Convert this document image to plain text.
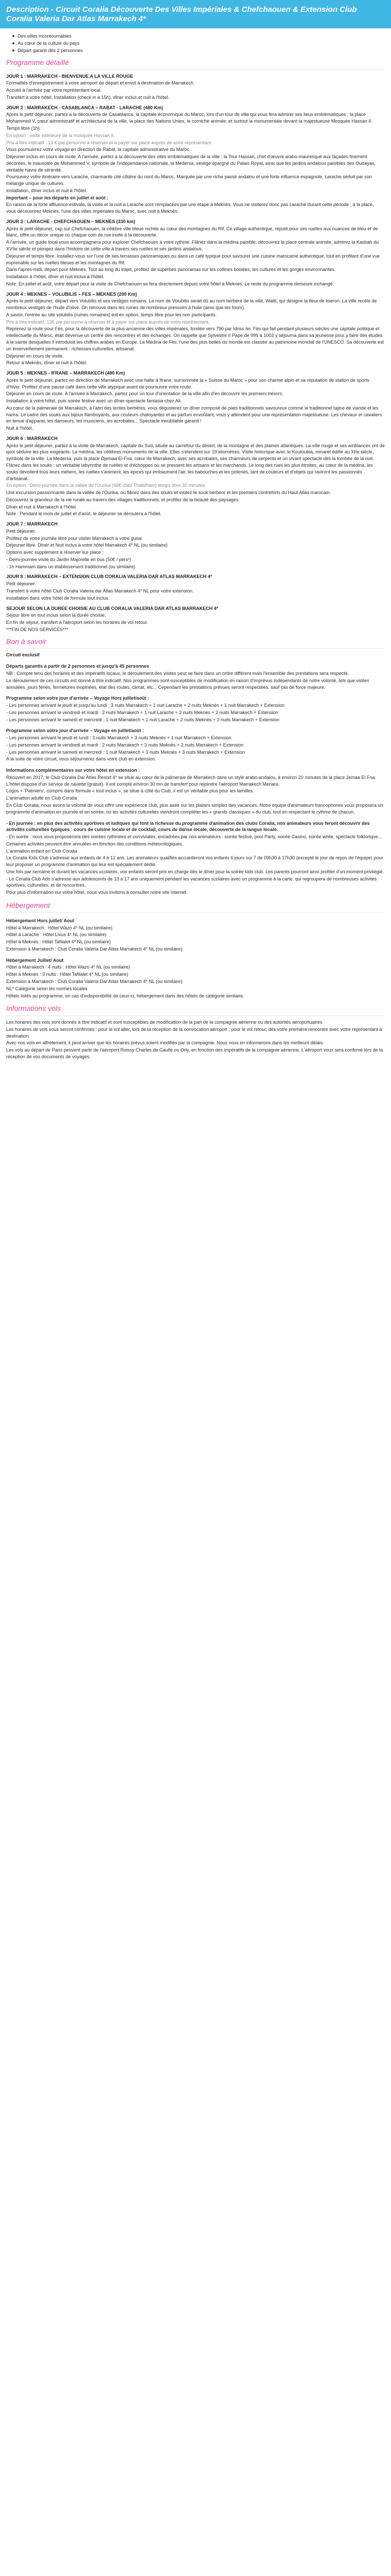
Description - Circuit Coralia Découverte Des Villes Impériales & Chefchaouen & Extension Club Coralia Valeria Dar Atlas Marrakech 4*
Des villes incontournables
Au cœur de la culture du pays
Départ garanti dès 2 personnes
Programme détaillé
JOUR 1 : MARRAKECH - BIENVENUE A LA VILLE ROUGE
Formalités d'enregistrement à votre aéroport de départ et envol à destination de Marrakech.
Accueil à l'arrivée par votre représentant local.
Transfert à votre hôtel. Installation (check in à 15h), dîner inclus et nuit à l'hôtel.
JOUR 2 : MARRAKECH - CASABLANCA – RABAT - LARACHE (480 Km)
Après le petit déjeuner, partez à la découverte de Casablanca, la capitale économique du Maroc, lors d'un tour de ville qui vous fera admirer ses lieux emblématiques : la place Mohammed V, cœur administratif et architectural de la ville, la place des Nations Unies, le corniche animée, et surtout la monumentale devant la majestueuse Mosquée Hassan II.
Temps libre (1h).
En option : visite intérieure de la mosquée Hassan II.
Prix à titre indicatif : 13 € par personne à réserver et à payer sur place auprès de votre représentant.
Vous poursuivrez votre voyage en direction de Rabat, la capitale administrative du Maroc.
Déjeuner inclus en cours de route. A l'arrivée, partez à la découverte des sites emblématiques de la ville : la Tour Hassan, chef d'œuvre arabo-mauresque aux façades finement décorées, le mausolée de Mohammed V, symbole de l'indépendance nationale, la Médersa, vestige épargné du Palais Royal, ainsi que les jardins andalous paisibles des Oudayas, véritable havre de sérénité.
Poursuivez votre itinéraire vers Larache, charmante cité côtière du nord du Maroc. Marquée par une riche passé andalou et une forte influence espagnole, Larache séduit par son mélange unique de cultures.
Installation, dîner inclus et nuit à l'hôtel.
Important – pour les départs en juillet et août :
En raison de la forte affluence estivale, la visite et la nuit à Larache sont remplacées par une étape à Meknès. Vous ne visiterez donc pas Larache durant cette période ; à la place, vous découvrirez Meknès, l'une des villes impériales du Maroc, avec nuit à Meknès.
JOUR 3 : LARACHE - CHEFCHAOUEN – MEKNES (330 km)
Après le petit déjeuner, cap sur Chefchaouen, la célèbre ville bleue nichée au cœur des montagnes du Rif. Ce village authentique, réputé pour ses ruelles aux nuances de bleu et de blanc, offre un décor unique où chaque coin de rue invite à la découverte.
A l'arrivée, un guide local vous accompagnera pour explorer Chefchaouen à votre rythme. Flânez dans la médina paisible, découvrez la place centrale animée, admirez la Kasbah du XVIIe siècle et plongez dans l'histoire de cette ville à travers ses ruelles et ses jardins andalous.
Déjeuner et temps libre. Installez-vous sur l'une de ses terrasses panoramiques ou dans un café typique pour savourer une cuisine marocaine authentique, tout en profitant d'une vue imprenable sur les ruelles bleues et les montagnes du Rif.
Dans l'après-midi, départ pour Meknès. Tout au long du trajet, profitez de superbes panoramas sur les collines boisées, les cultures et les gorges environnantes.
Installation à l'hôtel, dîner et nuit inclus à l'hôtel.
Note: En juillet et août, votre départ pour la visite de Chefchaouen se fera directement depuis votre hôtel à Meknès. Le reste du programme demeure inchangé.
JOUR 4 : MEKNES – VOLUBILIS – FES – MEKNES (200 Km)
Après le petit déjeuner, départ vers Volubilis et ses vestiges romains. Le nom de Volubilis serait dû au nom berbère de la ville, Walili, qui désigne la fleur de liseron. La ville recèle de nombreux vestiges de l'huile d'olive. On retrouve dans les ruines de nombreux pressoirs à huile (ainsi que les fours).
A savoir, l'entrée au site volubilis (ruines romaines) est en option, temps libre pour les non participants.
Prix à titre indicatif, 13€ par personne à réserver et à payer sur place auprès de votre représentant.
Reprenez la route pour Fès, pour la découverte de la plus ancienne des villes impériales, fondée vers 790 par Idriss Ier. Fès qui fait pendant plusieurs siècles une capitale politique et intellectuelle du Maroc, était devenue un centre des rencontres et des échanges. On rappelle que Sylvestre II Pape de 999 à 1003 y séjourna dans sa jeunesse pour y faire des études à la sainte desquelles il introduisit les chiffres arabes en Europe. La Médina de Fès, l'une des plus belles du monde est classée au patrimoine mondial de l'UNESCO. Sa découverte est un émerveillement permanent : richesses culturelles, artisanat.
Déjeuner en cours de visite.
Retour à Meknès, dîner et nuit à l'hôtel.
JOUR 5 : MEKNES - IFRANE – MARRAKECH (480 Km)
Après le petit déjeuner, partez en direction de Marrakech avec une halte à Ifrane, surnommée la « Suisse du Maroc » pour son charme alpin et sa réputation de station de sports d'hiver. Profitez d'une pause café dans cette ville atypique avant de poursuivre votre route.
Déjeuner en cours de route. A l'arrivée à Marrakech, partez pour un tour d'orientation de la ville afin d'en découvrir les premiers trésors.
Installation à votre hôtel, puis soirée festive avec un dîner-spectacle fantasia chez Ali.
Au cœur de la palmeraie de Marrakech, à l'abri des tentes berbères, vous dégusterez un dîner composé de plats traditionnels savoureux comme le traditionnel tajine de viande et les harira. Le cadre des souks aux bijoux flamboyants, aux couleurs chatoyantes et au parfum envoûtant, vous y attendent pour une représentation majestueuse. Les chevaux et cavaliers en tenue d'apparat, les danseurs, les musiciens, les acrobates... Spectacle inoubliable garanti !
Nuit à l'hôtel.
JOUR 6 : MARRAKECH
Après le petit déjeuner, partez à la visite de Marrakech, capitale du Sud, située au carrefour du désert, de la montagne et des plaines atlantiques. La ville rouge et ses ambiances ont de quoi séduire les plus exigeants. La médina, les célèbres monuments de la ville. Elles s'étendent sur 19 kilomètres. Visite historique avec le Koutoubia, minaret édifié au XIIe siècle, symbole de la ville. La Medersa, puis la place Djemaa El-Fna, cœur de Marrakech, avec ses acrobates, ses charmeurs de serpents et un vivant spectacle dès la tombée de la nuit. Flânez dans les souks : un véritable labyrinthe de ruelles et d'échoppes où se pressent les artisans et les marchands. Le long des rues les plus étroites, au cœur de la médina, les souks dévoilent tous leurs métiers, les ruelles s'animent, les épices qui embaument l'air, les babouches et les poteries, tant de couleurs et d'objets qui raviront les passionnés d'artisanat.
En option : Demi-journée dans la vallée de l'Ourika (68€ chez Thalbiham) temps libre 30 minutes.
Une excursion passionnante dans la vallée de l'Ourika, où flânez dans des souks et visitez le souk berbère et les premiers contreforts du Haut Atlas marocain.
Découvrez la grandeur de la vie rurale au travers des villages traditionnels, et profitez de la beauté des paysages.
Dîner et nuit à Marrakech à l'hôtel.
Note : Pendant le mois de juillet et d'août, le déjeuner se déroulera à l'hôtel.
JOUR 7 : MARRAKECH
Petit déjeuner.
Profitez de votre journée libre pour visiter Marrakech à votre guise.
Déjeuner libre. Dîner et Nuit inclus à votre hôtel Marrakech 4* NL (ou similaire)
Options avec supplément à réserver sur place :
- Demi-journée visite du Jardin Majorelle en bus (50€ / pers²)
- 1h Hammam dans un établissement traditionnel (ou similaire)
JOUR 8 : MARRAKECH – EXTENSION CLUB CORALIA VALERIA DAR ATLAS MARRAKECH 4*
Petit déjeuner.
Transfert à votre hôtel Club Coralia Valeria dar Atlas Marrakech 4* NL pour votre extension.
Installation dans votre hôtel de formule tout inclus.
SEJOUR SELON LA DUREE CHOISIE AU CLUB CORALIA VALERIA DAR ATLAS MARRAKECH 4*
Séjour libre en tout inclus selon la durée choisie.
En fin de séjour, transfert à l'aéroport selon les horaires de vol retour.
***FIN DE NOS SERVICES***
Bon à savoir
Circuit exclusif
Départs garantis à partir de 2 personnes et jusqu'à 45 personnes
NB : Compte tenu des horaires et des impératifs locaux, le déroulement des visites peut se faire dans un ordre différent mais l'ensemble des prestations sera respecté.
Le déroulement de ces circuits est donné à titre indicatif. Nos programmes sont susceptibles de modification en raison d'imprévus indépendants de notre volonté, tels que visites annulées, jours fériés, fermetures inopinées, état des routes, climat, etc... Cependant les prestations prévues seront respectées, sauf cas de force majeure.
Programme selon votre jour d'arrivée – Voyage Hors juillet/août :
- Les personnes arrivant le jeudi et jusqu'au lundi : 3 nuits Marrakech + 1 nuit Larache + 2 nuits Meknès + 1 nuit Marrakech + Extension
- Les personnes arrivant le vendredi et mardi : 2 nuits Marrakech + 1 nuit Larache + 2 nuits Meknès + 2 nuits Marrakech + Extension
- Les personnes arrivant le samedi et mercredi : 1 nuit Marrakech + 1 nuit Larache + 2 nuits Meknès + 3 nuits Marrakech + Extension
Programme selon votre jour d'arrivée – Voyage en juillet/août :
- Les personnes arrivant le jeudi et lundi : 3 nuits Marrakech + 3 nuits Meknès + 1 nuit Marrakech + Extension
- Les personnes arrivant le vendredi et mardi : 2 nuits Marrakech + 3 nuits Meknès + 2 nuits Marrakech + Extension
- Les personnes arrivant le samedi et mercredi : 1 nuit Marrakech + 3 nuits Meknès + 3 nuits Marrakech + Extension
A la suite de votre circuit, vous séjournerez dans votre club en extension.
Informations complémentaires sur votre hôtel en extension :
Réouvert en 2017, le Club Coralia Dar Atlas Resort 4* se situe au cœur de la palmeraie de Marrakech dans un style arabo-andalou, à environ 20 minutes de la place Jemaa El Fna. L'hôtel dispose d'un service de navette (gratuit). Il est compté environ 30 mn de transfert pour rejoindre l'aéroport Marrakech Menara.
Logos + 'Palmiers', compris dans formule « tout inclus », se situe à côté du Club, il est un véritable plus pour les familles.
L'animation adulte en Club Coralia
En Club Coralia, nous avons la volonté de vous offrir une expérience club, plus axée sur les plaisirs simples des vacances. Notre équipe d'animateurs francophones vous proposera un programme d'animation en journée et en soirée, où les activités culturelles viendront compléter les « grands classiques » du club, tout en respectant le rythme de chacun.
- En journée : en plus des activités sportives et ludiques qui font la richesse du programme d'animation des clubs Coralia, nos animateurs vous feront découvrir des activités culturelles typiques : cours de cuisine locale et de cocktail, cours de danse locale, découverte de la langue locale.
- En soirée : nous vous proposerons des soirées rythmées et conviviales, encadrées par nos animateurs : soirée festive, pool Party, soirée Casino, soirée white, spectacle folklorique...
Certaines activités peuvent être annulées en fonction des conditions météorologiques.
L'animation enfant en Club Coralia
Le Coralia Kids Club s'adresse aux enfants de 4 à 12 ans. Les animateurs qualifiés accueilleront vos enfants 6 jours sur 7 de 09h30 à 17h30 (excepté le jour de repos de l'équipe) pour leur proposer un programme d'animation qui leur est spécialement dédié.
Une fois par semaine et durant les vacances scolaires, vos enfants seront pris en charge dès le dîner pour la soirée kids club. Les parents pourront ainsi profiter d'un moment privilégié.
- Le Coralia Club Ado s'adresse aux adolescents de 13 à 17 ans uniquement pendant les vacances scolaires avec un programme à la carte, qui regroupera de nombreuses activités sportives, culturelles, et de rencontres.
Pour plus d'information sur votre hôtel, nous vous invitons à consulter notre site internet.
Hébergement
Hébergement Hors juillet/ Aout
Hôtel à Marrakech : Hôtel Wazo 4* NL (ou similaire)
Hôtel à Larache : Hôtel Lixus 4* NL (ou similaire)
Hôtel à Meknès : Hôtel Tafilalet 4* NL (ou similaire)
Extension à Marrakech : Club Coralia Valeria Dar Atlas Marrakech 4* NL (ou similaire)
Hébergement Juillet/ Aout
Hôtel à Marrakech : 4 nuits : Hôtel Wazo 4* NL (ou similaire)
Hôtel à Meknès : 3 nuits : Hôtel Tafilalet 4* NL (ou similaire)
Extension à Marrakech : Club Coralia Valeria Dar Atlas Marrakech 4* NL (ou similaire)
NL* Catégorie selon les normes locales
Hôtels listés au programme, en cas d'indisponibilité de ceux-ci, hébergement dans des hôtels de catégorie similaire.
Informations vols
Les horaires des vols sont donnés à titre indicatif et sont susceptibles de modification de la part de la compagnie aérienne ou des autorités aéroportuaires.
Les horaires de vols vous seront confirmés : pour le vol aller, lors de la réception de la convocation aéroport ; pour le vol retour, dès votre première rencontre avec votre représentant à destination.
Avec nos vols en affrètement, il peut arriver que les horaires prévus soient modifiés par la compagnie. Nous vous en informerons dans les meilleurs délais.
Les vols au départ de Paris peuvent partir de l'aéroport Roissy Charles de Gaulle ou Orly, en fonction des impératifs de la compagnie aérienne. L'aéroport vous sera confirmé lors de la réception de vos documents de voyages.
